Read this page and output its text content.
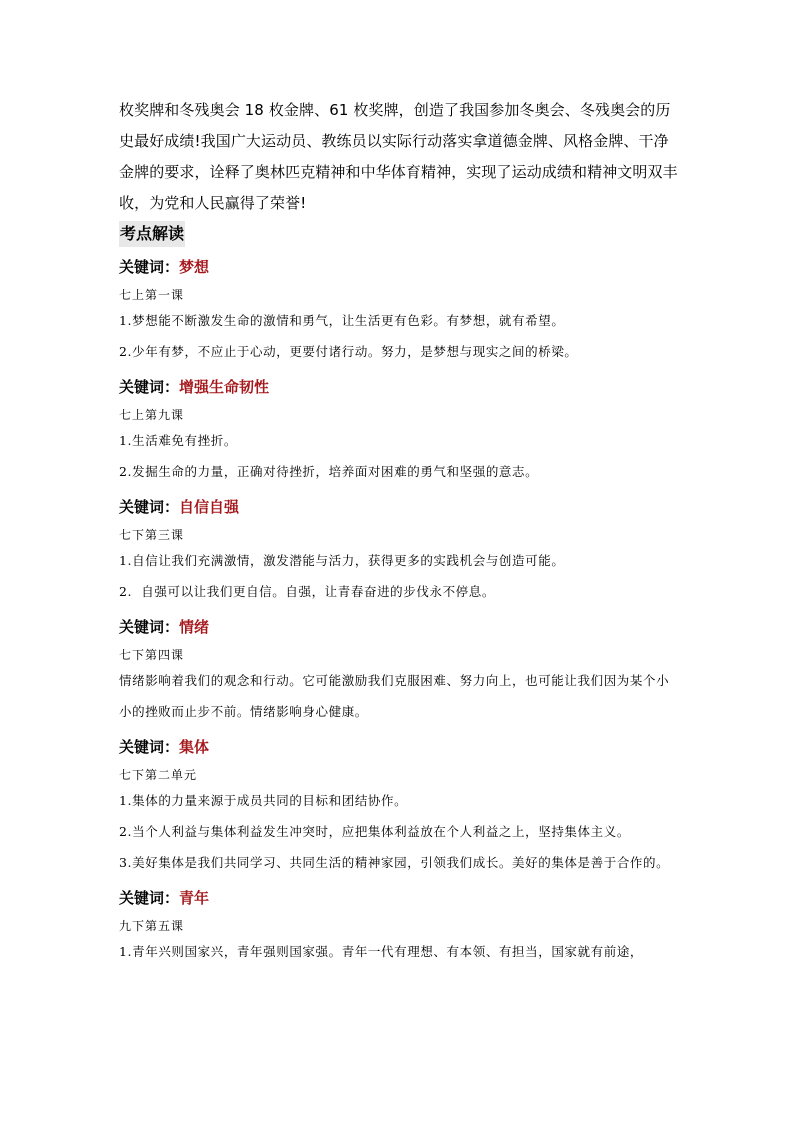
枚奖牌和冬残奥会 18 枚金牌、61 枚奖牌，创造了我国参加冬奥会、冬残奥会的历史最好成绩!我国广大运动员、教练员以实际行动落实拿道德金牌、风格金牌、干净金牌的要求，诠释了奥林匹克精神和中华体育精神，实现了运动成绩和精神文明双丰收，为党和人民赢得了荣誉!

考点解读
关键词：梦想
七上第一课

1.梦想能不断激发生命的激情和勇气，让生活更有色彩。有梦想，就有希望。

2.少年有梦，不应止于心动，更要付诸行动。努力，是梦想与现实之间的桥梁。

关键词：增强生命韧性
七上第九课

1.生活难免有挫折。

2.发掘生命的力量，正确对待挫折，培养面对困难的勇气和坚强的意志。

关键词：自信自强
七下第三课

1.自信让我们充满激情，激发潜能与活力，获得更多的实践机会与创造可能。

2.  自强可以让我们更自信。自强，让青春奋进的步伐永不停息。

关键词：情绪
七下第四课

情绪影响着我们的观念和行动。它可能激励我们克服困难、努力向上，也可能让我们因为某个小小的挫败而止步不前。情绪影响身心健康。

关键词：集体
七下第二单元

1.集体的力量来源于成员共同的目标和团结协作。

2.当个人利益与集体利益发生冲突时，应把集体利益放在个人利益之上，坚持集体主义。

3.美好集体是我们共同学习、共同生活的精神家园，引领我们成长。美好的集体是善于合作的。

关键词：青年
九下第五课

1.青年兴则国家兴，青年强则国家强。青年一代有理想、有本领、有担当，国家就有前途，
